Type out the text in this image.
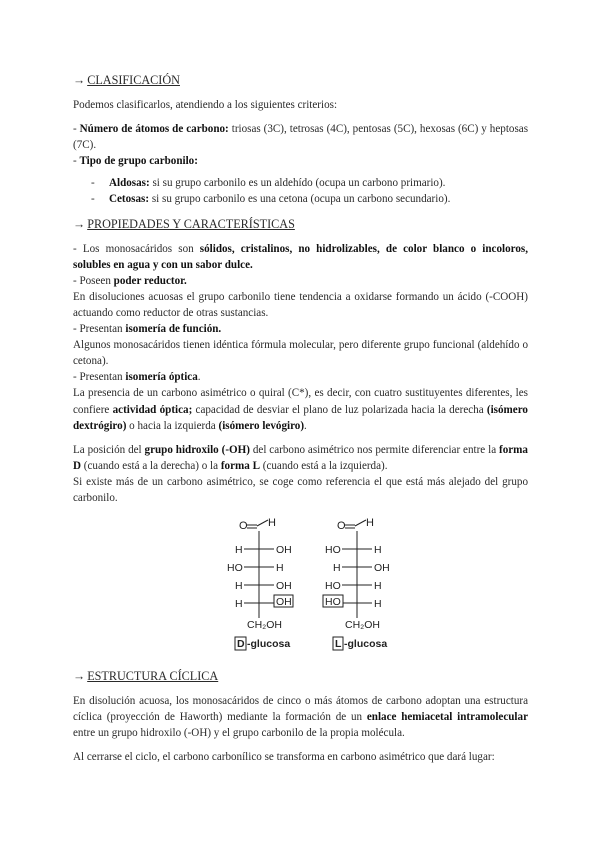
→ CLASIFICACIÓN
Podemos clasificarlos, atendiendo a los siguientes criterios:
- Número de átomos de carbono: triosas (3C), tetrosas (4C), pentosas (5C), hexosas (6C) y heptosas (7C).
- Tipo de grupo carbonilo:
-	Aldosas: si su grupo carbonilo es un aldehído (ocupa un carbono primario).
-	Cetosas: si su grupo carbonilo es una cetona (ocupa un carbono secundario).
→ PROPIEDADES Y CARACTERÍSTICAS
- Los monosacáridos son sólidos, cristalinos, no hidrolizables, de color blanco o incoloros, solubles en agua y con un sabor dulce.
- Poseen poder reductor.
En disoluciones acuosas el grupo carbonilo tiene tendencia a oxidarse formando un ácido (-COOH) actuando como reductor de otras sustancias.
- Presentan isomería de función.
Algunos monosacáridos tienen idéntica fórmula molecular, pero diferente grupo funcional (aldehído o cetona).
- Presentan isomería óptica.
La presencia de un carbono asimétrico o quiral (C*), es decir, con cuatro sustituyentes diferentes, les confiere actividad óptica; capacidad de desviar el plano de luz polarizada hacia la derecha (isómero dextrógiro) o hacia la izquierda (isómero levógiro).
La posición del grupo hidroxilo (-OH) del carbono asimétrico nos permite diferenciar entre la forma D (cuando está a la derecha) o la forma L (cuando está a la izquierda).
Si existe más de un carbono asimétrico, se coge como referencia el que está más alejado del grupo carbonilo.
O H
H	OH
HO	H
H	OH
H	OH
CH₂OH
D -glucosa
O H
HO	H
H	OH
HO	H
HO	H
CH₂OH
L -glucosa
→ ESTRUCTURA CÍCLICA
En disolución acuosa, los monosacáridos de cinco o más átomos de carbono adoptan una estructura cíclica (proyección de Haworth) mediante la formación de un enlace hemiacetal intramolecular entre un grupo hidroxilo (-OH) y el grupo carbonilo de la propia molécula.
Al cerrarse el ciclo, el carbono carbonílico se transforma en carbono asimétrico que dará lugar:
